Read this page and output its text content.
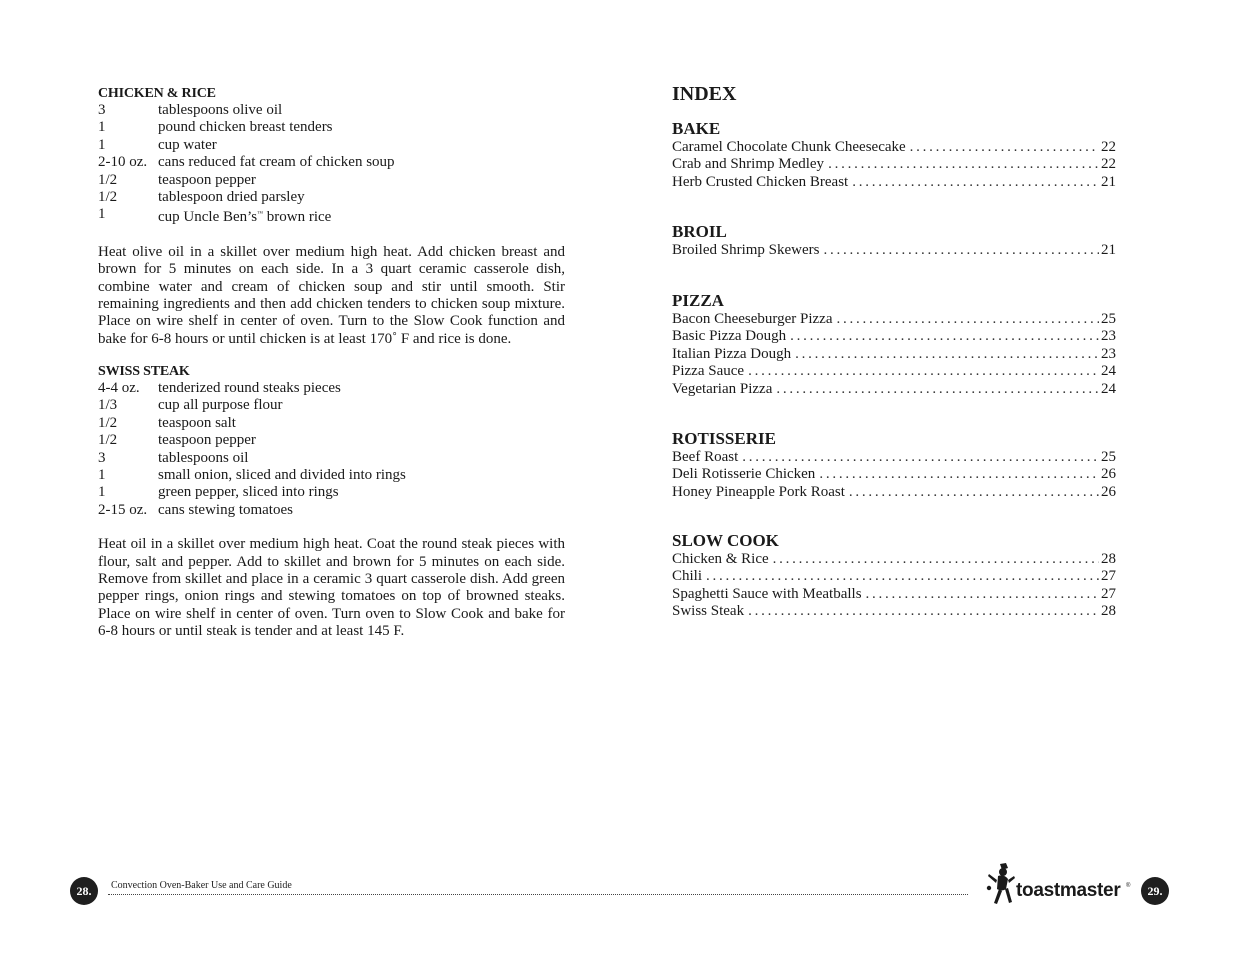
CHICKEN & RICE
3	tablespoons olive oil
1	pound chicken breast tenders
1	cup water
2-10 oz. cans reduced fat cream of chicken soup
1/2	teaspoon pepper
1/2	tablespoon dried parsley
1	cup Uncle Ben’s™ brown rice

Heat olive oil in a skillet over medium high heat. Add chicken breast and brown for 5 minutes on each side. In a 3 quart ceramic casserole dish, combine water and cream of chicken soup and stir until smooth. Stir remaining ingredients and then add chicken tenders to chicken soup mixture. Place on wire shelf in center of oven. Turn to the Slow Cook function and bake for 6-8 hours or until chicken is at least 170˚ F and rice is done.

SWISS STEAK
4-4 oz.	tenderized round steaks pieces
1/3	cup all purpose flour
1/2	teaspoon salt
1/2	teaspoon pepper
3	tablespoons oil
1	small onion, sliced and divided into rings
1	green pepper, sliced into rings
2-15 oz. cans stewing tomatoes

Heat oil in a skillet over medium high heat. Coat the round steak pieces with flour, salt and pepper. Add to skillet and brown for 5 minutes on each side. Remove from skillet and place in a ceramic 3 quart casserole dish. Add green pepper rings, onion rings and stewing tomatoes on top of browned steaks. Place on wire shelf in center of oven. Turn oven to Slow Cook and bake for 6-8 hours or until steak is tender and at least 145 F.

INDEX
BAKE
Caramel Chocolate Chunk Cheesecake . . .	22
Crab and Shrimp Medley . . .	22
Herb Crusted Chicken Breast . . .	21
BROIL
Broiled Shrimp Skewers . . .	21
PIZZA
Bacon Cheeseburger Pizza . . .	25
Basic Pizza Dough . . .	23
Italian Pizza Dough . . .	23
Pizza Sauce . . .	24
Vegetarian Pizza . . .	24
ROTISSERIE
Beef Roast . . .	25
Deli Rotisserie Chicken . . .	26
Honey Pineapple Pork Roast . . .	26
SLOW COOK
Chicken & Rice . . .	28
Chili . . .	27
Spaghetti Sauce with Meatballs . . .	27
Swiss Steak . . .	28
28.	Convection Oven-Baker Use and Care Guide	toastmaster ®	29.
